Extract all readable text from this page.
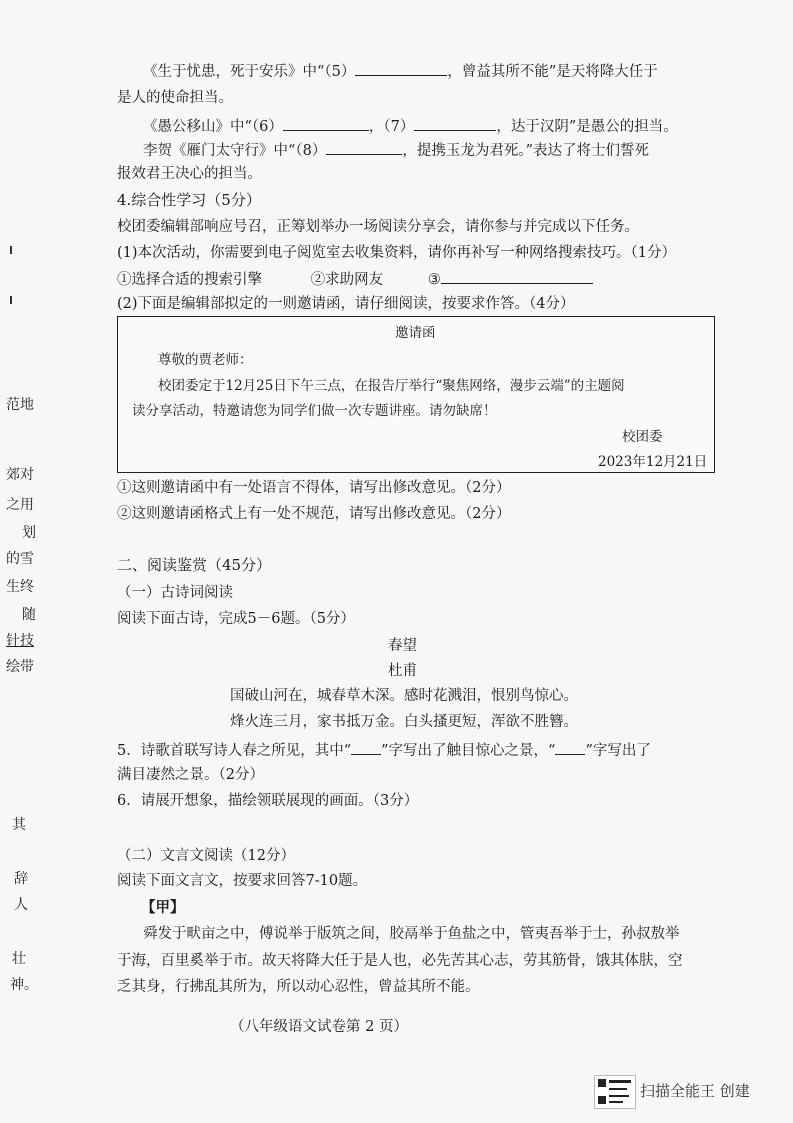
《生于忧患，死于安乐》中“（5）	，曾益其所不能”是天将降大任于
是人的使命担当。
《愚公移山》中“（6）	，（7）	，达于汉阴”是愚公的担当。
李贺《雁门太守行》中“（8）	，提携玉龙为君死。”表达了将士们誓死
报效君王决心的担当。
4.综合性学习（5分）
校团委编辑部响应号召，正筹划举办一场阅读分享会，请你参与并完成以下任务。
(1)本次活动，你需要到电子阅览室去收集资料，请你再补写一种网络搜索技巧。（1分）
①选择合适的搜索引擎	②求助网友	③
(2)下面是编辑部拟定的一则邀请函，请仔细阅读，按要求作答。（4分）
邀请函
尊敬的贾老师：
校团委定于12月25日下午三点，在报告厅举行“聚焦网络，漫步云端”的主题阅
读分享活动，特邀请您为同学们做一次专题讲座。请勿缺席！
校团委
2023年12月21日
①这则邀请函中有一处语言不得体，请写出修改意见。（2分）
②这则邀请函格式上有一处不规范，请写出修改意见。（2分）
二、阅读鉴赏（45分）
（一）古诗词阅读
阅读下面古诗，完成5－6题。（5分）
春望
杜甫
国破山河在，城春草木深。感时花溅泪，恨别鸟惊心。
烽火连三月，家书抵万金。白头搔更短，浑欲不胜簪。
5．诗歌首联写诗人春之所见，其中“ ”字写出了触目惊心之景，“ ”字写出了
满目凄然之景。（2分）
6．请展开想象，描绘领联展现的画面。（3分）
（二）文言文阅读（12分）
阅读下面文言文，按要求回答7-10题。
【甲】
舜发于畎亩之中，傅说举于版筑之间，胶鬲举于鱼盐之中，管夷吾举于士，孙叔敖举
于海，百里奚举于市。故天将降大任于是人也，必先苦其心志，劳其筋骨，饿其体肤，空
乏其身，行拂乱其所为，所以动心忍性，曾益其所不能。
（八年级语文试卷第 2 页）
范地
郊对
之用
划
的雪
生终
随
针技
绘带
其
辞
人
壮
神。
扫描全能王 创建
